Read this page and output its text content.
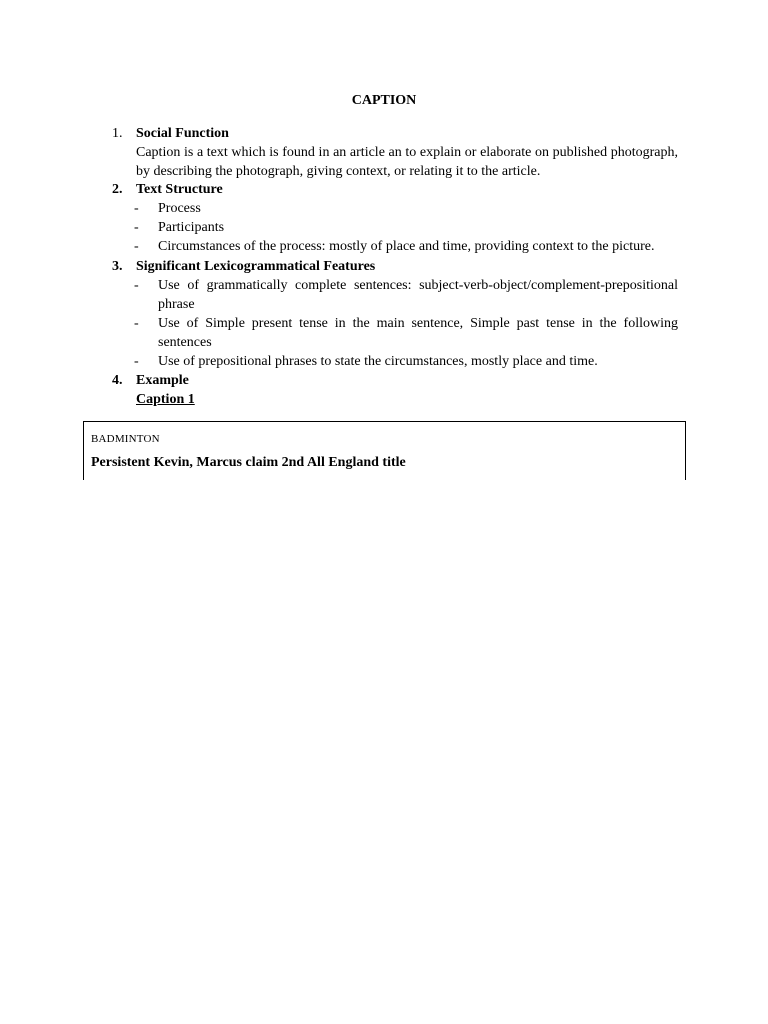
CAPTION
1. Social Function
Caption is a text which is found in an article an to explain or elaborate on published photograph, by describing the photograph, giving context, or relating it to the article.
2. Text Structure
- Process
- Participants
- Circumstances of the process: mostly of place and time, providing context to the picture.
3. Significant Lexicogrammatical Features
- Use of grammatically complete sentences: subject-verb-object/complement-prepositional phrase
- Use of Simple present tense in the main sentence, Simple past tense in the following sentences
- Use of prepositional phrases to state the circumstances, mostly place and time.
4. Example
Caption 1
BADMINTON
Persistent Kevin, Marcus claim 2nd All England title
